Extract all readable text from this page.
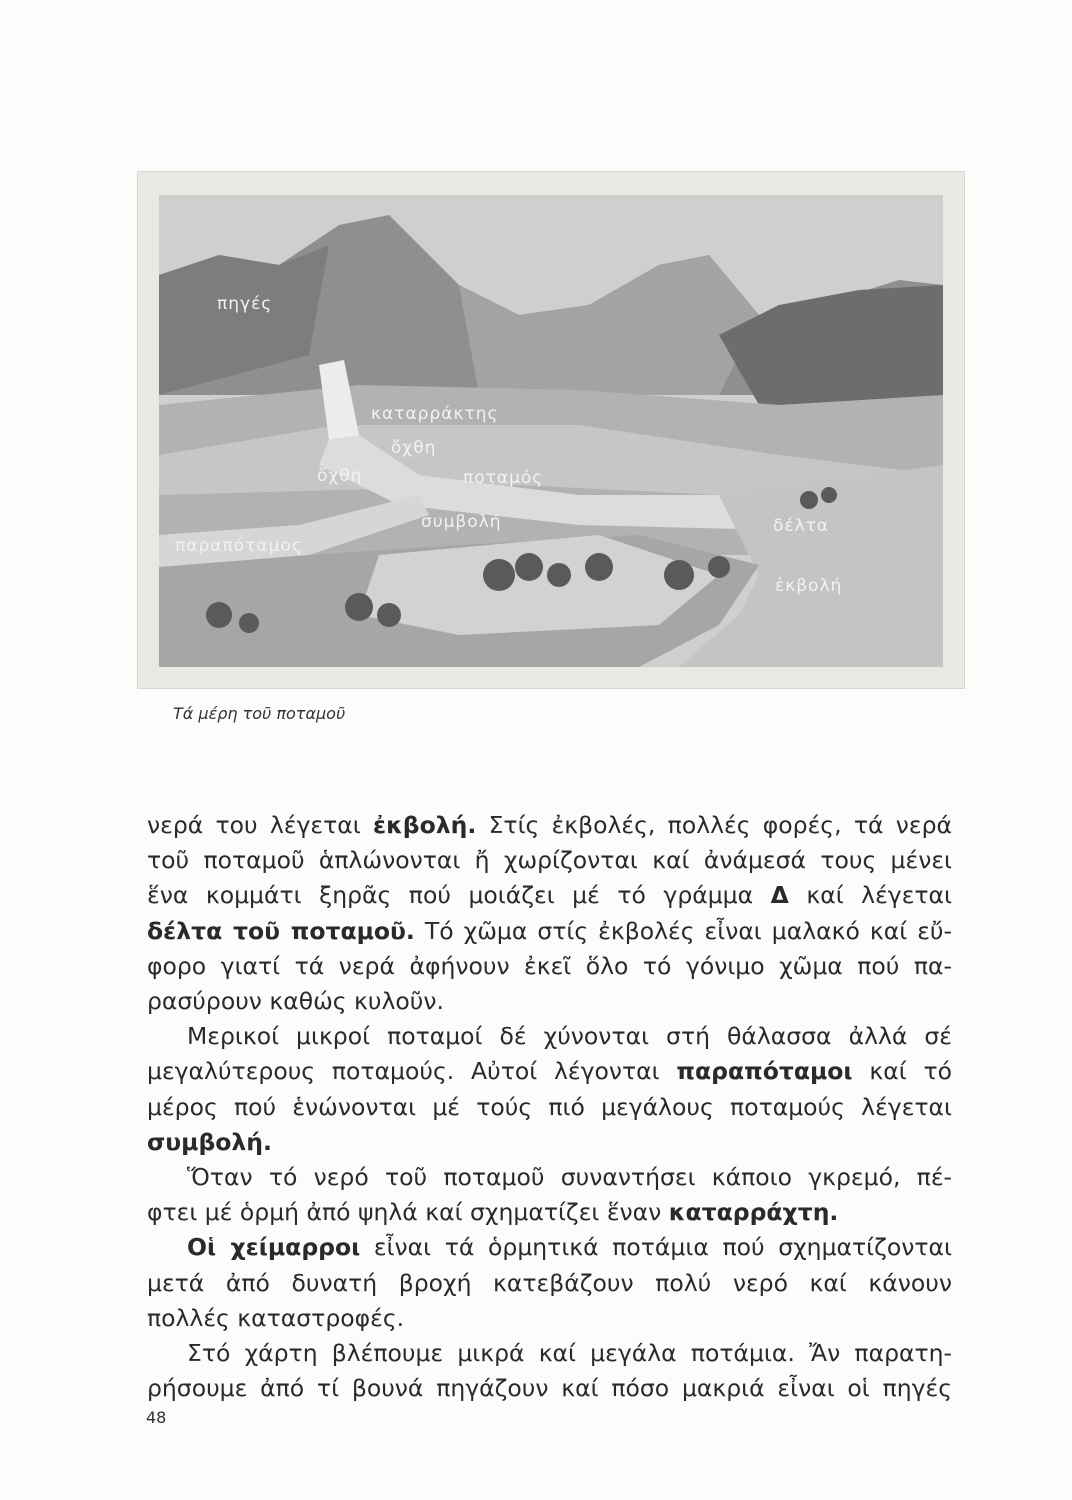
πηγές
καταρράκτης
ὄχθη
ὄχθη	ποταμός
συμβολή
παραπόταμος
δέλτα
ἐκβολή
Τά μέρη τοῦ ποταμοῦ
νερά του λέγεται ἐκβολή. Στίς ἐκβολές, πολλές φορές, τά νερά
τοῦ ποταμοῦ ἁπλώνονται ἤ χωρίζονται καί ἀνάμεσά τους μένει
ἕνα κομμάτι ξηρᾶς πού μοιάζει μέ τό γράμμα Δ καί λέγεται
δέλτα τοῦ ποταμοῦ. Τό χῶμα στίς ἐκβολές εἶναι μαλακό καί εὔ-
φορο γιατί τά νερά ἀφήνουν ἐκεῖ ὅλο τό γόνιμο χῶμα πού πα-
ρασύρουν καθώς κυλοῦν.
Μερικοί μικροί ποταμοί δέ χύνονται στή θάλασσα ἀλλά σέ
μεγαλύτερους ποταμούς. Αὐτοί λέγονται παραπόταμοι καί τό
μέρος πού ἑνώνονται μέ τούς πιό μεγάλους ποταμούς λέγεται
συμβολή.
Ὅταν τό νερό τοῦ ποταμοῦ συναντήσει κάποιο γκρεμό, πέ-
φτει μέ ὁρμή ἀπό ψηλά καί σχηματίζει ἕναν καταρράχτη.
Οἱ χείμαρροι εἶναι τά ὁρμητικά ποτάμια πού σχηματίζονται
μετά ἀπό δυνατή βροχή κατεβάζουν πολύ νερό καί κάνουν
πολλές καταστροφές.
Στό χάρτη βλέπουμε μικρά καί μεγάλα ποτάμια. Ἄν παρατη-
ρήσουμε ἀπό τί βουνά πηγάζουν καί πόσο μακριά εἶναι οἱ πηγές
48
